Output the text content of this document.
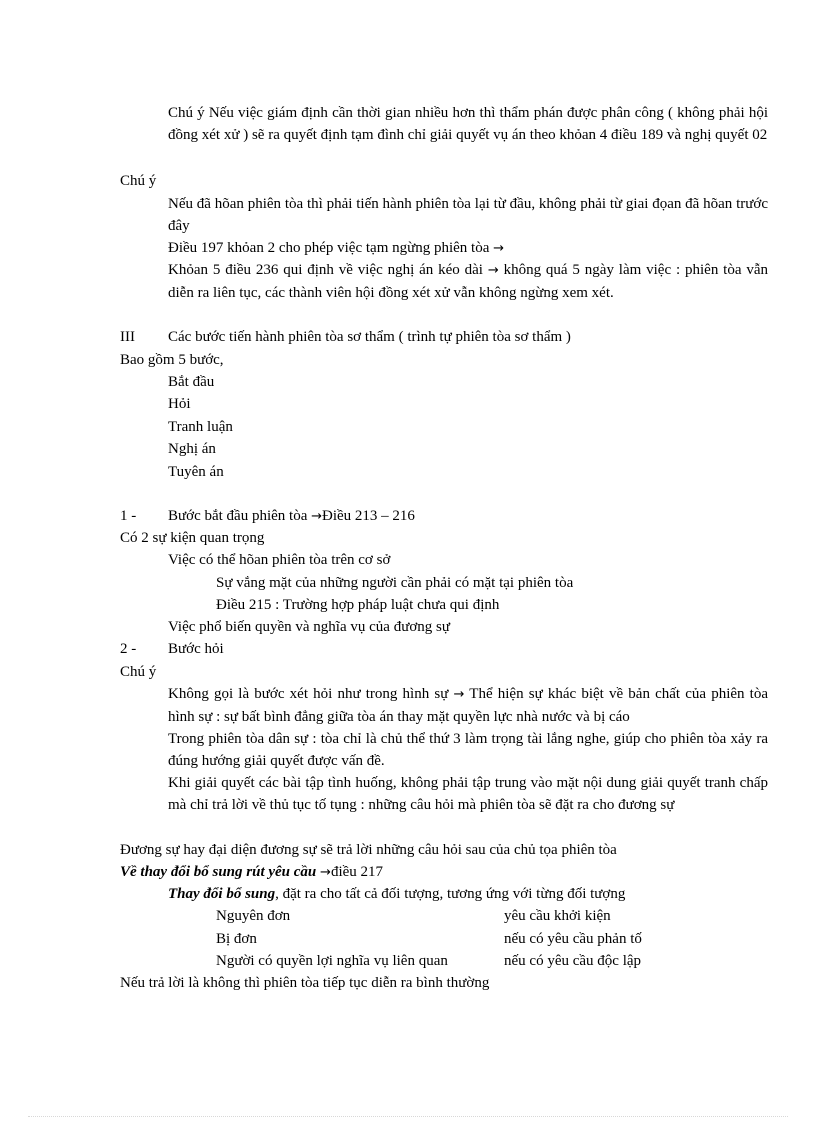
Chú ý Nếu việc giám định cần thời gian nhiều hơn thì thẩm phán được phân công ( không phải hội đồng xét xử ) sẽ ra quyết định tạm đình chỉ giải quyết vụ án theo khỏan 4 điều 189 và nghị quyết 02
Chú ý
Nếu đã hõan phiên tòa thì phải tiến hành phiên tòa lại từ đầu, không phải từ giai đọan đã hõan trước đây
Điều 197 khỏan 2 cho phép việc tạm ngừng phiên tòa →
Khỏan 5 điều 236 qui định về việc nghị án kéo dài → không quá 5 ngày làm việc : phiên tòa vẫn diễn ra liên tục, các thành viên hội đồng xét xử vẫn không ngừng xem xét.
III Các bước tiến hành phiên tòa sơ thẩm ( trình tự phiên tòa sơ thẩm )
Bao gồm 5 bước,
Bắt đầu
Hỏi
Tranh luận
Nghị án
Tuyên án
1 - Bước bắt đầu phiên tòa →Điều 213 – 216
Có 2 sự kiện quan trọng
Việc có thể hõan phiên tòa trên cơ sở
Sự vắng mặt của những người cần phải có mặt tại phiên tòa
Điều 215 : Trường hợp pháp luật chưa qui định
Việc phổ biến quyền và nghĩa vụ của đương sự
2 - Bước hỏi
Chú ý
Không gọi là bước xét hỏi như trong hình sự → Thể hiện sự khác biệt về bản chất của phiên tòa hình sự : sự bất bình đẳng giữa tòa án thay mặt quyền lực nhà nước và bị cáo
Trong phiên tòa dân sự : tòa chỉ là chủ thể thứ 3 làm trọng tài lắng nghe, giúp cho phiên tòa xảy ra đúng hướng giải quyết được vấn đề.
Khi giải quyết các bài tập tình huống, không phải tập trung vào mặt nội dung giải quyết tranh chấp mà chỉ trả lời về thủ tục tố tụng : những câu hỏi mà phiên tòa sẽ đặt ra cho đương sự
Đương sự hay đại diện đương sự sẽ trả lời những câu hỏi sau của chủ tọa phiên tòa
Về thay đổi bổ sung rút yêu cầu →điều 217
Thay đổi bổ sung, đặt ra cho tất cả đối tượng, tương ứng với từng đối tượng
Nguyên đơn	yêu cầu khởi kiện
Bị đơn	nếu có yêu cầu phản tố
Người có quyền lợi nghĩa vụ liên quan	nếu có yêu cầu độc lập
Nếu trả lời là không thì phiên tòa tiếp tục diễn ra bình thường
